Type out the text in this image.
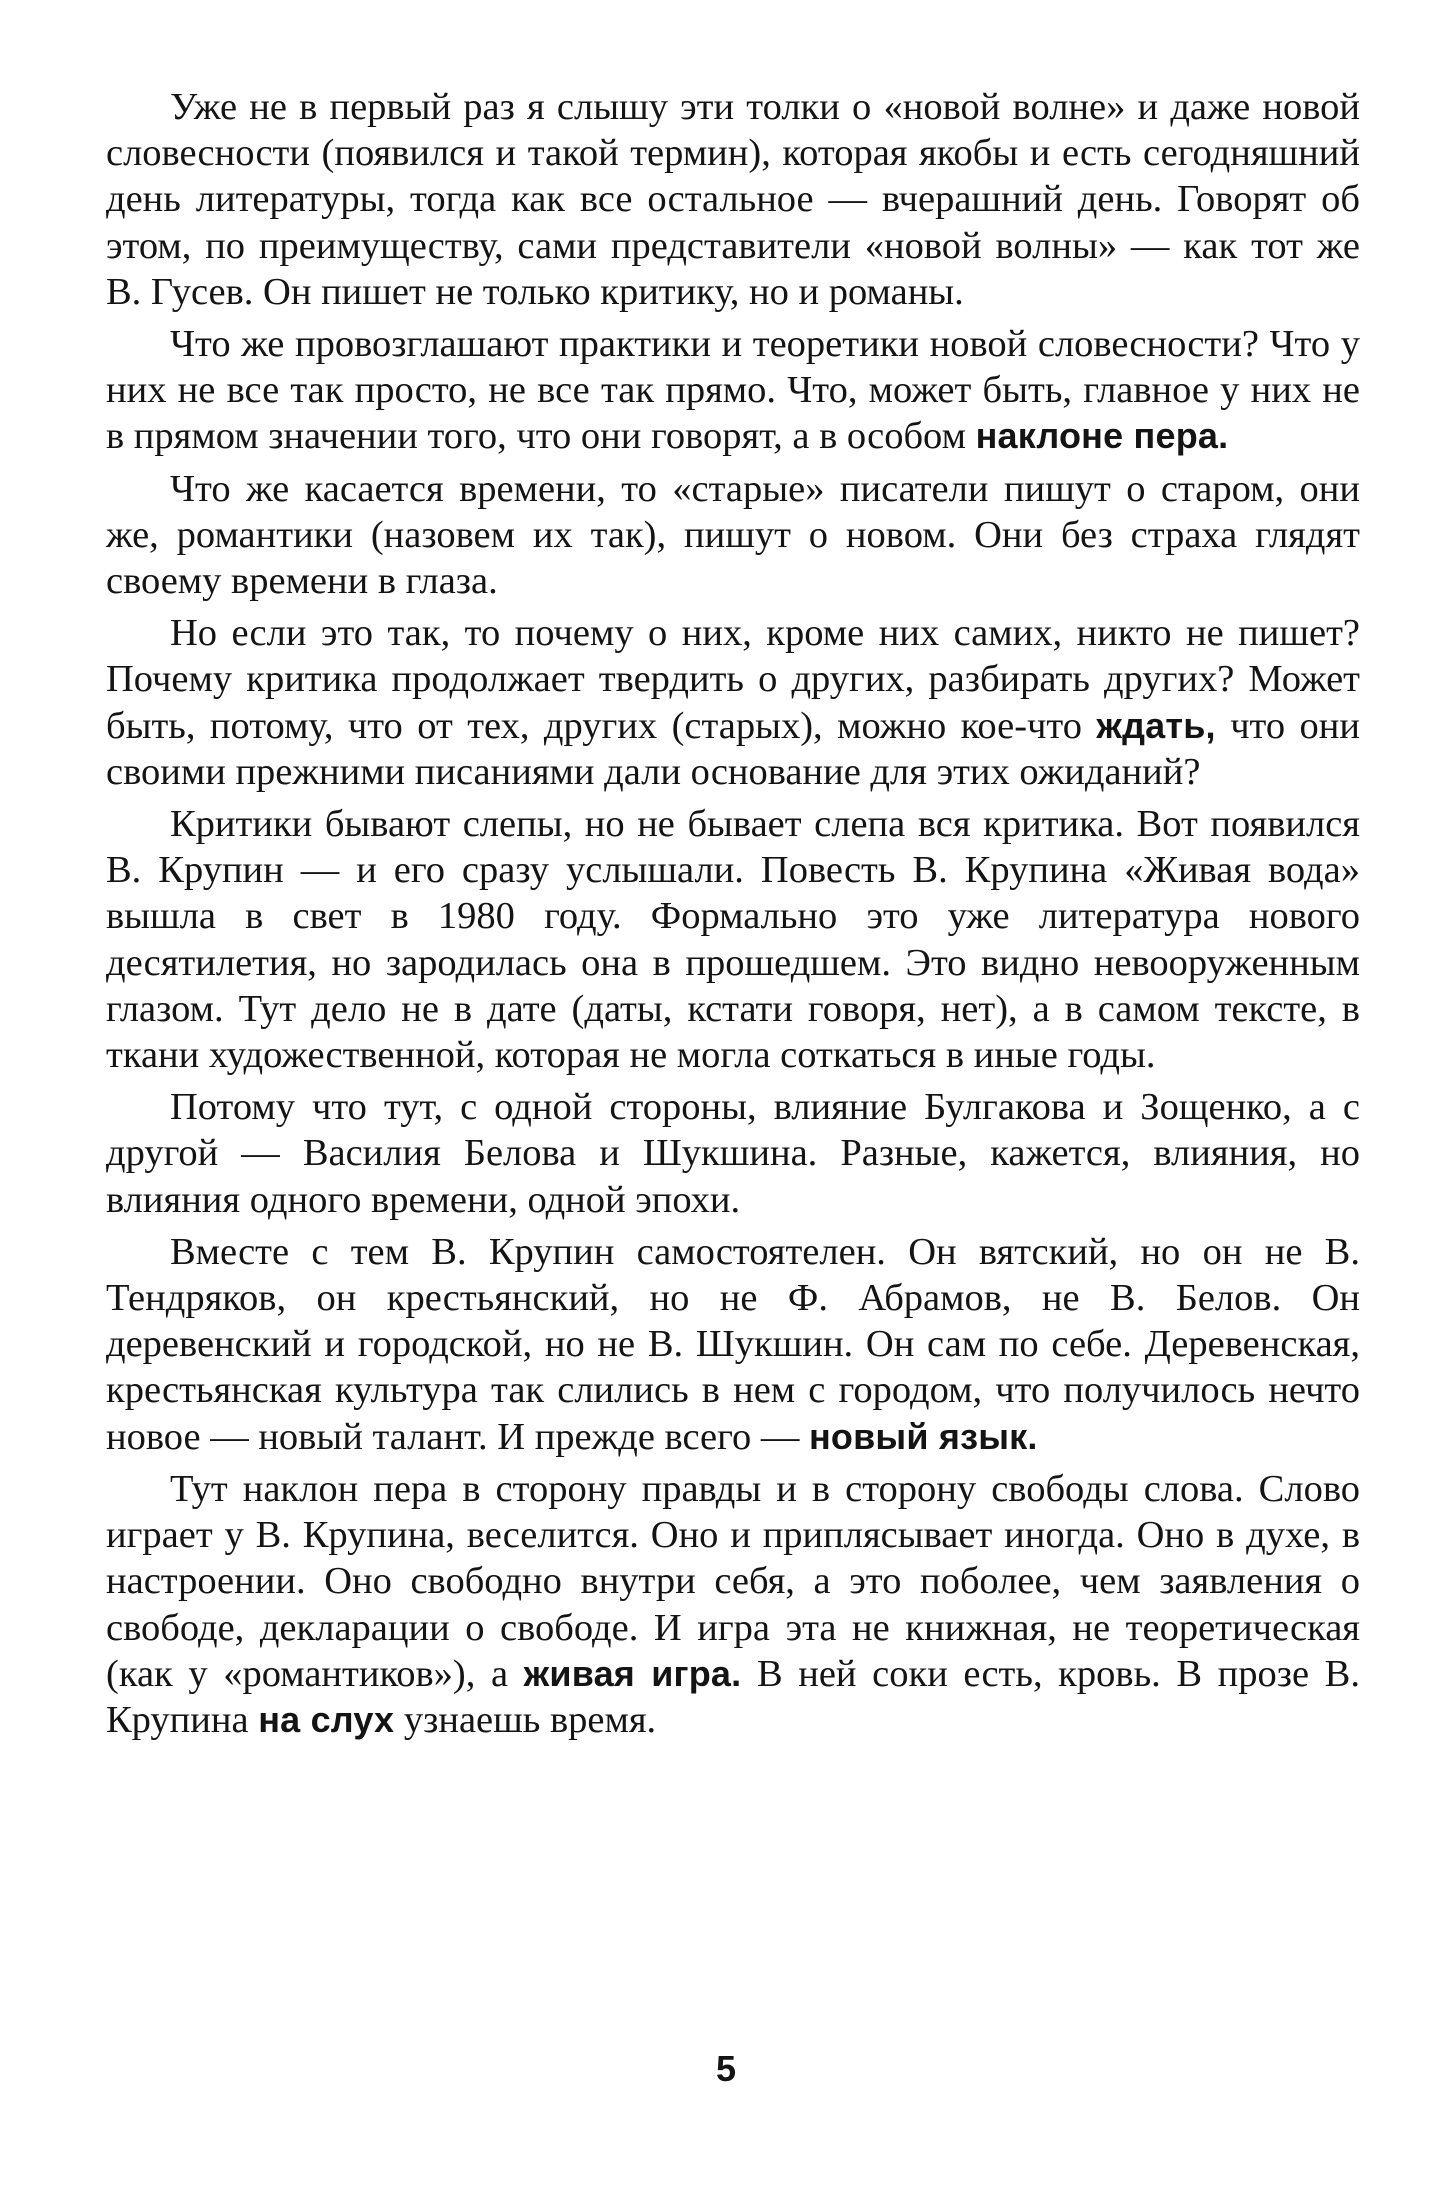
Уже не в первый раз я слышу эти толки о «новой волне» и даже новой словесности (появился и такой термин), которая якобы и есть сегодняшний день литературы, тогда как все остальное — вчерашний день. Говорят об этом, по преимуществу, сами представители «новой волны» — как тот же В. Гусев. Он пишет не только критику, но и романы.

Что же провозглашают практики и теоретики новой словесности? Что у них не все так просто, не все так прямо. Что, может быть, главное у них не в прямом значении того, что они говорят, а в особом наклоне пера.

Что же касается времени, то «старые» писатели пишут о старом, они же, романтики (назовем их так), пишут о новом. Они без страха глядят своему времени в глаза.

Но если это так, то почему о них, кроме них самих, никто не пишет? Почему критика продолжает твердить о других, разбирать других? Может быть, потому, что от тех, других (старых), можно кое-что ждать, что они своими прежними писаниями дали основание для этих ожиданий?

Критики бывают слепы, но не бывает слепа вся критика. Вот появился В. Крупин — и его сразу услышали. Повесть В. Крупина «Живая вода» вышла в свет в 1980 году. Формально это уже литература нового десятилетия, но зародилась она в прошедшем. Это видно невооруженным глазом. Тут дело не в дате (даты, кстати говоря, нет), а в самом тексте, в ткани художественной, которая не могла соткаться в иные годы.

Потому что тут, с одной стороны, влияние Булгакова и Зощенко, а с другой — Василия Белова и Шукшина. Разные, кажется, влияния, но влияния одного времени, одной эпохи.

Вместе с тем В. Крупин самостоятелен. Он вятский, но он не В. Тендряков, он крестьянский, но не Ф. Абрамов, не В. Белов. Он деревенский и городской, но не В. Шукшин. Он сам по себе. Деревенская, крестьянская культура так слились в нем с городом, что получилось нечто новое — новый талант. И прежде всего — новый язык.

Тут наклон пера в сторону правды и в сторону свободы слова. Слово играет у В. Крупина, веселится. Оно и приплясывает иногда. Оно в духе, в настроении. Оно свободно внутри себя, а это поболее, чем заявления о свободе, декларации о свободе. И игра эта не книжная, не теоретическая (как у «романтиков»), а живая игра. В ней соки есть, кровь. В прозе В. Крупина на слух узнаешь время.

5
